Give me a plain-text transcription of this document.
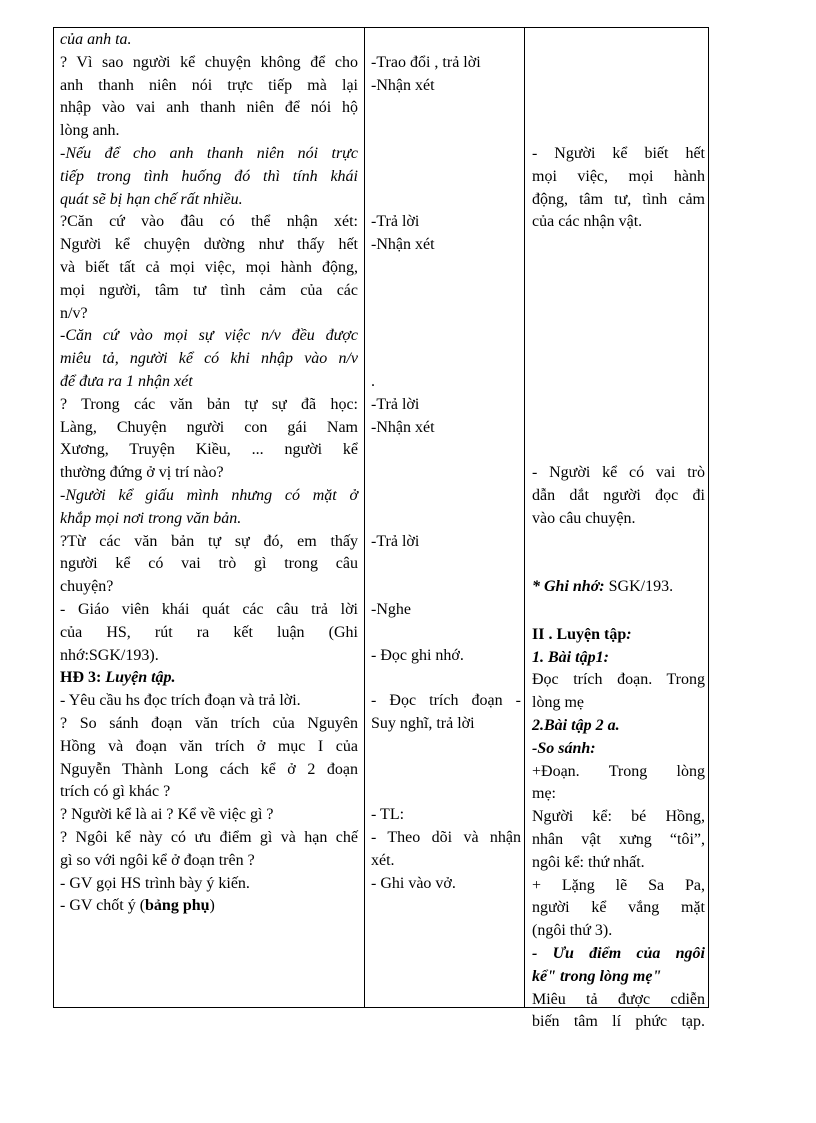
của anh ta.
? Vì sao người kể chuyện không để cho
anh thanh niên nói trực tiếp mà lại
nhập vào vai anh thanh niên để nói hộ
lòng anh.
-Nếu để cho anh thanh niên nói trực
tiếp trong tình huống đó thì tính khái
quát sẽ bị hạn chế rất nhiều.
?Căn cứ vào đâu có thể nhận xét:
Người kể chuyện dường như thấy hết
và biết tất cả mọi việc, mọi hành động,
mọi người, tâm tư tình cảm của các
n/v?
-Căn cứ vào mọi sự việc n/v đều được
miêu tả, người kể có khi nhập vào n/v
để đưa ra 1 nhận xét
? Trong các văn bản tự sự đã học:
Làng, Chuyện người con gái Nam
Xương, Truyện Kiều, ... người kể
thường đứng ở vị trí nào?
-Người kể giấu mình nhưng có mặt ở
khắp mọi nơi trong văn bản.
?Từ các văn bản tự sự đó, em thấy
người kể có vai trò gì trong câu
chuyện?
- Giáo viên khái quát các câu trả lời
của HS, rút ra kết luận (Ghi
nhớ:SGK/193).
- Yêu cầu hs đọc trích đoạn và trả lời.
? So sánh đoạn văn trích của Nguyên
Hồng và đoạn văn trích ở mục I của
Nguyễn Thành Long cách kể ở 2 đoạn
trích có gì khác ?
? Người kể là ai ? Kể về việc gì ?
? Ngôi kể này có ưu điểm gì và hạn chế
gì so với ngôi kể ở đoạn trên ?
- GV gọi HS trình bày ý kiến.
-Trao đổi , trả lời
-Nhận xét
-Trả lời
-Nhận xét
.
-Trả lời
-Nhận xét
-Trả lời
-Nghe
- Đọc ghi nhớ.
- Đọc trích đoạn -
Suy nghĩ, trả lời
- TL:
- Theo dõi và nhận
xét.
- Ghi vào vở.
* Ghi nhớ: SGK/193.
- Người kể biết hết
mọi việc, mọi hành
động, tâm tư, tình cảm
của các nhận vật.
- Người kể có vai trò
dẫn dắt người đọc đi
vào câu chuyện.
II . Luyện tập:
1. Bài tập1:
Đọc trích đoạn. Trong
lòng mẹ
2.Bài tập 2 a.
-So sánh:
+Đoạn. Trong lòng
mẹ:
Người kể: bé Hồng,
nhân vật xưng “tôi”,
ngôi kể: thứ nhất.
+ Lặng lẽ Sa Pa,
người kể vắng mặt
(ngôi thứ 3).
- Ưu điểm của ngôi
kể" trong lòng mẹ"
Miêu tả được cdiễn
biến tâm lí phức tạp.
HĐ 3: Luyện tập.
- GV chốt ý (bảng phụ)
